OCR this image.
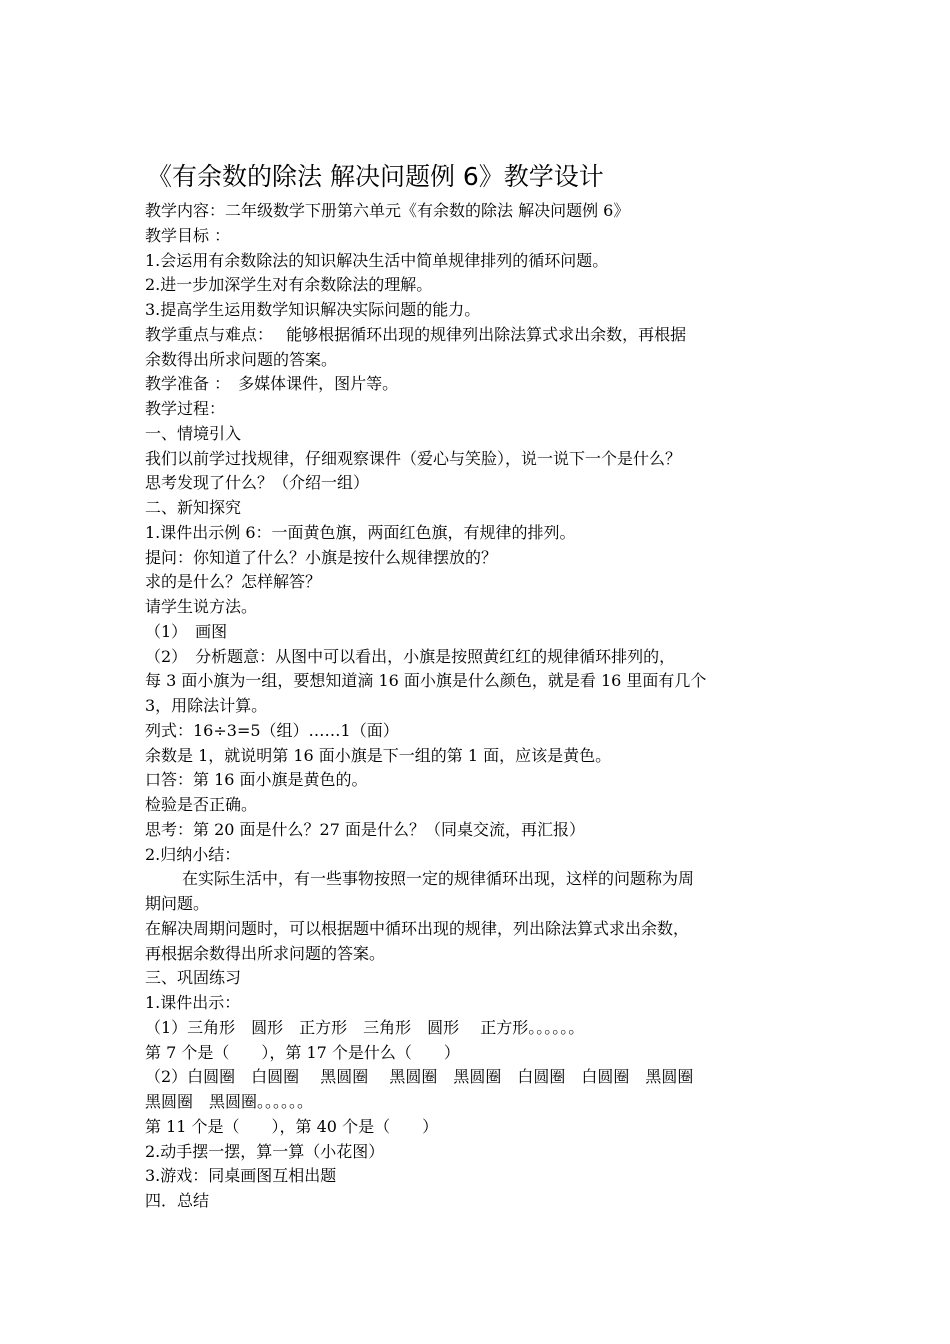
《有余数的除法 解决问题例 6》教学设计
教学内容：二年级数学下册第六单元《有余数的除法 解决问题例 6》
教学目标 ：
1.会运用有余数除法的知识解决生活中简单规律排列的循环问题。
2.进一步加深学生对有余数除法的理解。
3.提高学生运用数学知识解决实际问题的能力。
教学重点与难点：　 能够根据循环出现的规律列出除法算式求出余数，再根据
余数得出所求问题的答案。
教学准备 ：　多媒体课件，图片等。
教学过程：
一、情境引入
我们以前学过找规律，仔细观察课件（爱心与笑脸），说一说下一个是什么？
思考发现了什么？（介绍一组）
二、新知探究
1.课件出示例 6：一面黄色旗，两面红色旗，有规律的排列。
提问：你知道了什么？小旗是按什么规律摆放的？
求的是什么？怎样解答？
请学生说方法。
（1）　画图
（2）　分析题意：从图中可以看出，小旗是按照黄红红的规律循环排列的，
每 3 面小旗为一组，要想知道滴 16 面小旗是什么颜色，就是看 16 里面有几个
3，用除法计算。
列式：16÷3=5（组）……1（面）
余数是 1，就说明第 16 面小旗是下一组的第 1 面，应该是黄色。
口答：第 16 面小旗是黄色的。
检验是否正确。
思考：第 20 面是什么？27 面是什么？（同桌交流，再汇报）
2.归纳小结：
在实际生活中，有一些事物按照一定的规律循环出现，这样的问题称为周
期问题。
在解决周期问题时，可以根据题中循环出现的规律，列出除法算式求出余数，
再根据余数得出所求问题的答案。
三、巩固练习
1.课件出示：
（1）三角形　圆形　正方形　三角形　圆形　 正方形。。。。。。
第 7 个是（　　），第 17 个是什么（　　）
（2）白圆圈　白圆圈　 黑圆圈　 黑圆圈　黑圆圈　白圆圈　白圆圈　黑圆圈
黑圆圈　黑圆圈。。。。。。
第 11 个是（　　），第 40 个是（　　）
2.动手摆一摆，算一算（小花图）
3.游戏：同桌画图互相出题
四．总结
